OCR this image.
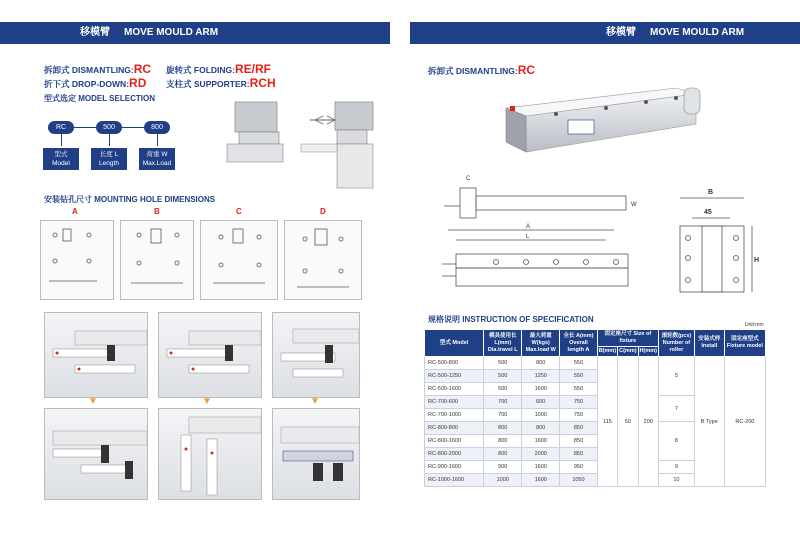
移模臂 MOVE MOULD ARM	移模臂 MOVE MOULD ARM
拆卸式 DISMANTLING:RC 旋转式 FOLDING:RE/RF
折下式 DROP-DOWN:RD 支柱式 SUPPORTER:RCH
型式选定 MODEL SELECTION
RC	500	800
型式
Model
长度 L
Length
荷重 W
Max.Load
安装钻孔尺寸 MOUNTING HOLE DIMENSIONS
A	B	C	D
▼	▼	▼
拆卸式 DISMANTLING:RC
C
W
A
L
B
45
H
规格说明 INSTRUCTION OF SPECIFICATION
Unit:mm
型式 Model	模具使用长 L(mm) Dia.travel L	最大荷重 W(kgs) Max.load W	全长 A(mm) Overall length A	固定座尺寸 Size of fixture			滚轮数(pcs) Number of roller	安装式样 Install	固定座型式 Fixture model
				B(mm)	C(mm)	H(mm)			
RC-500-800	500	800	550	115	50	200	5	B Type	RC-200
RC-500-1250	500	1250	550						
RC-500-1600	500	1600	550						
RC-700-600	700	600	750				7		
RC-700-1000	700	1000	750						
RC-800-800	800	800	850				8		
RC-800-1600	800	1600	850						
RC-800-2000	800	2000	850						
RC-900-1600	900	1600	950				9		
RC-1000-1600	1000	1600	1050				10		
